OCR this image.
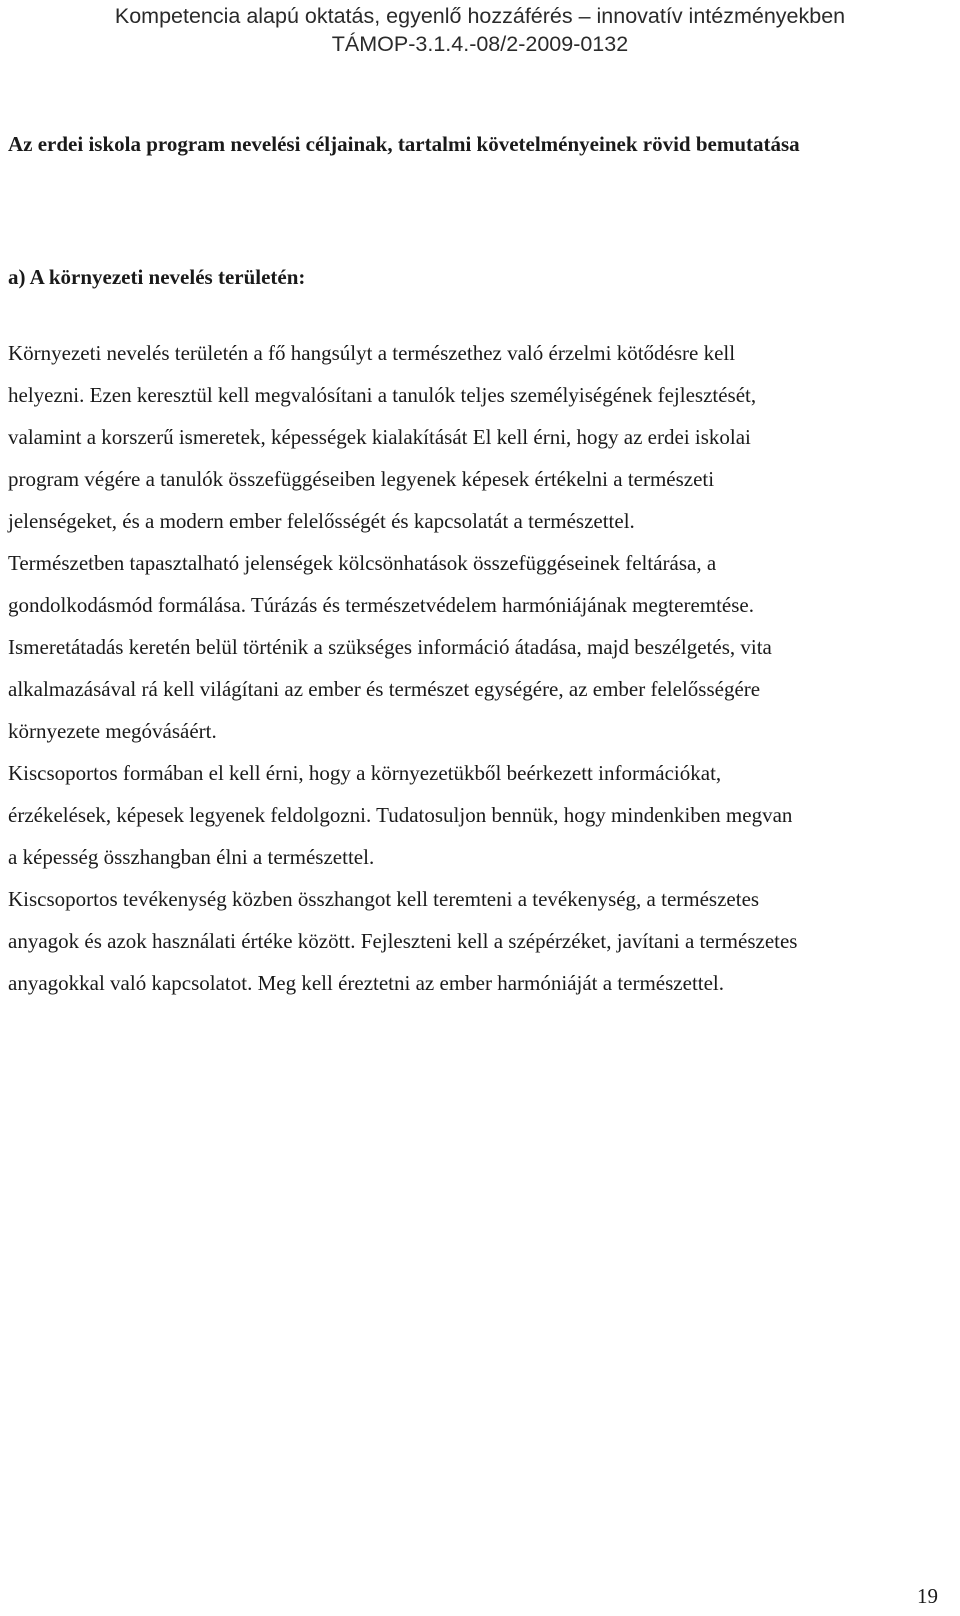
Kompetencia alapú oktatás, egyenlő hozzáférés – innovatív intézményekben
TÁMOP-3.1.4.-08/2-2009-0132
Az erdei iskola program nevelési céljainak, tartalmi követelményeinek rövid bemutatása
a) A környezeti nevelés területén:
Környezeti nevelés területén a fő hangsúlyt a természethez való érzelmi kötődésre kell
helyezni. Ezen keresztül kell megvalósítani a tanulók teljes személyiségének fejlesztését,
valamint a korszerű ismeretek, képességek kialakítását El kell érni, hogy az erdei iskolai
program végére a tanulók összefüggéseiben legyenek képesek értékelni a természeti
jelenségeket, és a modern ember felelősségét és kapcsolatát a természettel.
Természetben tapasztalható jelenségek kölcsönhatások összefüggéseinek feltárása, a
gondolkodásmód formálása. Túrázás és természetvédelem harmóniájának megteremtése.
Ismeretátadás keretén belül történik a szükséges információ átadása, majd beszélgetés, vita
alkalmazásával rá kell világítani az ember és természet egységére, az ember felelősségére
környezete megóvásáért.
Kiscsoportos formában el kell érni, hogy a környezetükből beérkezett információkat,
érzékelések, képesek legyenek feldolgozni. Tudatosuljon bennük, hogy mindenkiben megvan
a képesség összhangban élni a természettel.
Kiscsoportos tevékenység közben összhangot kell teremteni a tevékenység, a természetes
anyagok és azok használati értéke között. Fejleszteni kell a szépérzéket, javítani a természetes
anyagokkal való kapcsolatot. Meg kell éreztetni az ember harmóniáját a természettel.
19
